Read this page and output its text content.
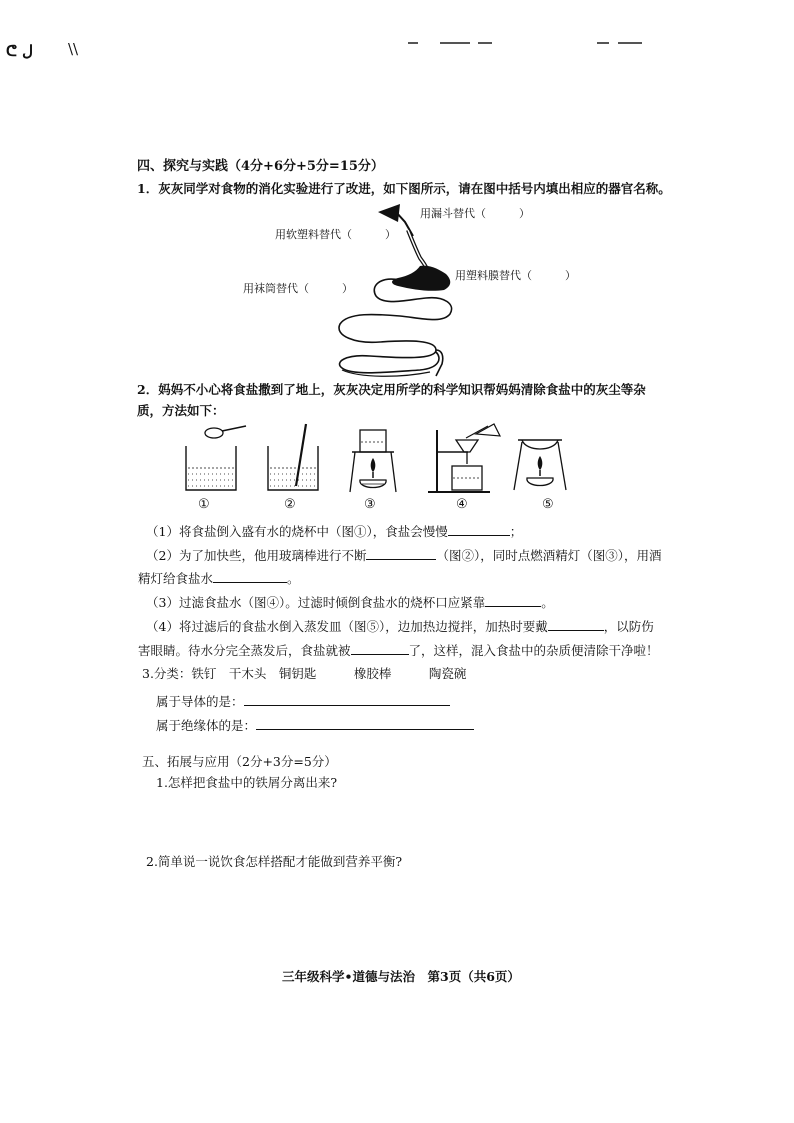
ᕦ ل \\
四、探究与实践（4分+6分+5分=15分）
1．灰灰同学对食物的消化实验进行了改进，如下图所示，请在图中括号内填出相应的器官名称。
用漏斗替代（　　　）
用软塑料替代（　　　）
用塑料膜替代（　　　）
用袜筒替代（　　　）
2．妈妈不小心将食盐撒到了地上，灰灰决定用所学的科学知识帮妈妈清除食盐中的灰尘等杂
质，方法如下：
①	②	③	④	⑤
（1）将食盐倒入盛有水的烧杯中（图①），食盐会慢慢	；
（2）为了加快些，他用玻璃棒进行不断	（图②），同时点燃酒精灯（图③），用酒
精灯给食盐水	。
（3）过滤食盐水（图④）。过滤时倾倒食盐水的烧杯口应紧靠	。
（4）将过滤后的食盐水倒入蒸发皿（图⑤），边加热边搅拌，加热时要戴	，以防伤
害眼睛。待水分完全蒸发后，食盐就被	了，这样，混入食盐中的杂质便清除干净啦！
3.分类：铁钉　干木头　铜钥匙　　　橡胶棒　　　陶瓷碗
属于导体的是：
属于绝缘体的是：
五、拓展与应用（2分+3分=5分）
1.怎样把食盐中的铁屑分离出来?
2.简单说一说饮食怎样搭配才能做到营养平衡?
三年级科学•道德与法治　第3页（共6页）
